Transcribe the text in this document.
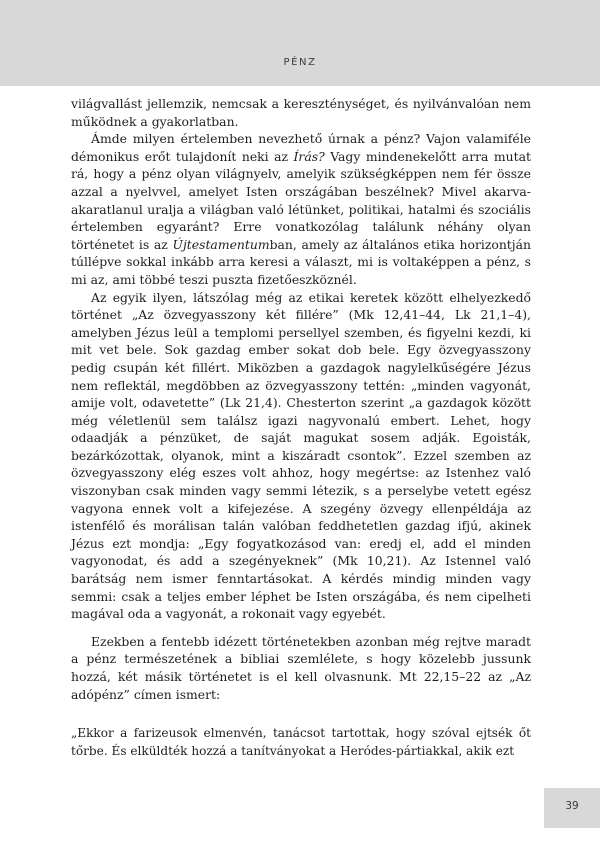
PÉNZ

világvallást jellemzik, nemcsak a kereszténységet, és nyilvánvalóan nem működnek a gyakorlatban.

Ámde milyen értelemben nevezhető úrnak a pénz? Vajon valamiféle démonikus erőt tulajdonít neki az Írás? Vagy mindenekelőtt arra mutat rá, hogy a pénz olyan világnyelv, amelyik szükségképpen nem fér össze azzal a nyelvvel, amelyet Isten országában beszélnek? Mivel akarva-akaratlanul uralja a világban való létünket, politikai, hatalmi és szociális értelemben egyaránt? Erre vonatkozólag találunk néhány olyan történetet is az Újtestamentumban, amely az általános etika horizontján túllépve sokkal inkább arra keresi a választ, mi is voltaképpen a pénz, s mi az, ami többé teszi puszta fizetőeszköznél.

Az egyik ilyen, látszólag még az etikai keretek között elhelyezkedő történet „Az özvegyasszony két fillére” (Mk 12,41–44, Lk 21,1–4), amelyben Jézus leül a templomi persellyel szemben, és figyelni kezdi, ki mit vet bele. Sok gazdag ember sokat dob bele. Egy özvegyasszony pedig csupán két fillért. Miközben a gazdagok nagylelkűségére Jézus nem reflektál, megdöbben az özvegyasszony tettén: „minden vagyonát, amije volt, odavetette” (Lk 21,4). Chesterton szerint „a gazdagok között még véletlenül sem találsz igazi nagyvonalú embert. Lehet, hogy odaadják a pénzüket, de saját magukat sosem adják. Egoisták, bezárkózottak, olyanok, mint a kiszáradt csontok”. Ezzel szemben az özvegyasszony elég eszes volt ahhoz, hogy megértse: az Istenhez való viszonyban csak minden vagy semmi létezik, s a perselybe vetett egész vagyona ennek volt a kifejezése. A szegény özvegy ellenpéldája az istenfélő és morálisan talán valóban feddhetetlen gazdag ifjú, akinek Jézus ezt mondja: „Egy fogyatkozásod van: eredj el, add el minden vagyonodat, és add a szegényeknek” (Mk 10,21). Az Istennel való barátság nem ismer fenntartásokat. A kérdés mindig minden vagy semmi: csak a teljes ember léphet be Isten országába, és nem cipelheti magával oda a vagyonát, a rokonait vagy egyebét.

Ezekben a fentebb idézett történetekben azonban még rejtve maradt a pénz természetének a bibliai szemlélete, s hogy közelebb jussunk hozzá, két másik történetet is el kell olvasnunk. Mt 22,15–22 az „Az adópénz” címen ismert:

„Ekkor a farizeusok elmenvén, tanácsot tartottak, hogy szóval ejtsék őt tőrbe. És elküldték hozzá a tanítványokat a Heródes-pártiakkal, akik ezt

39
